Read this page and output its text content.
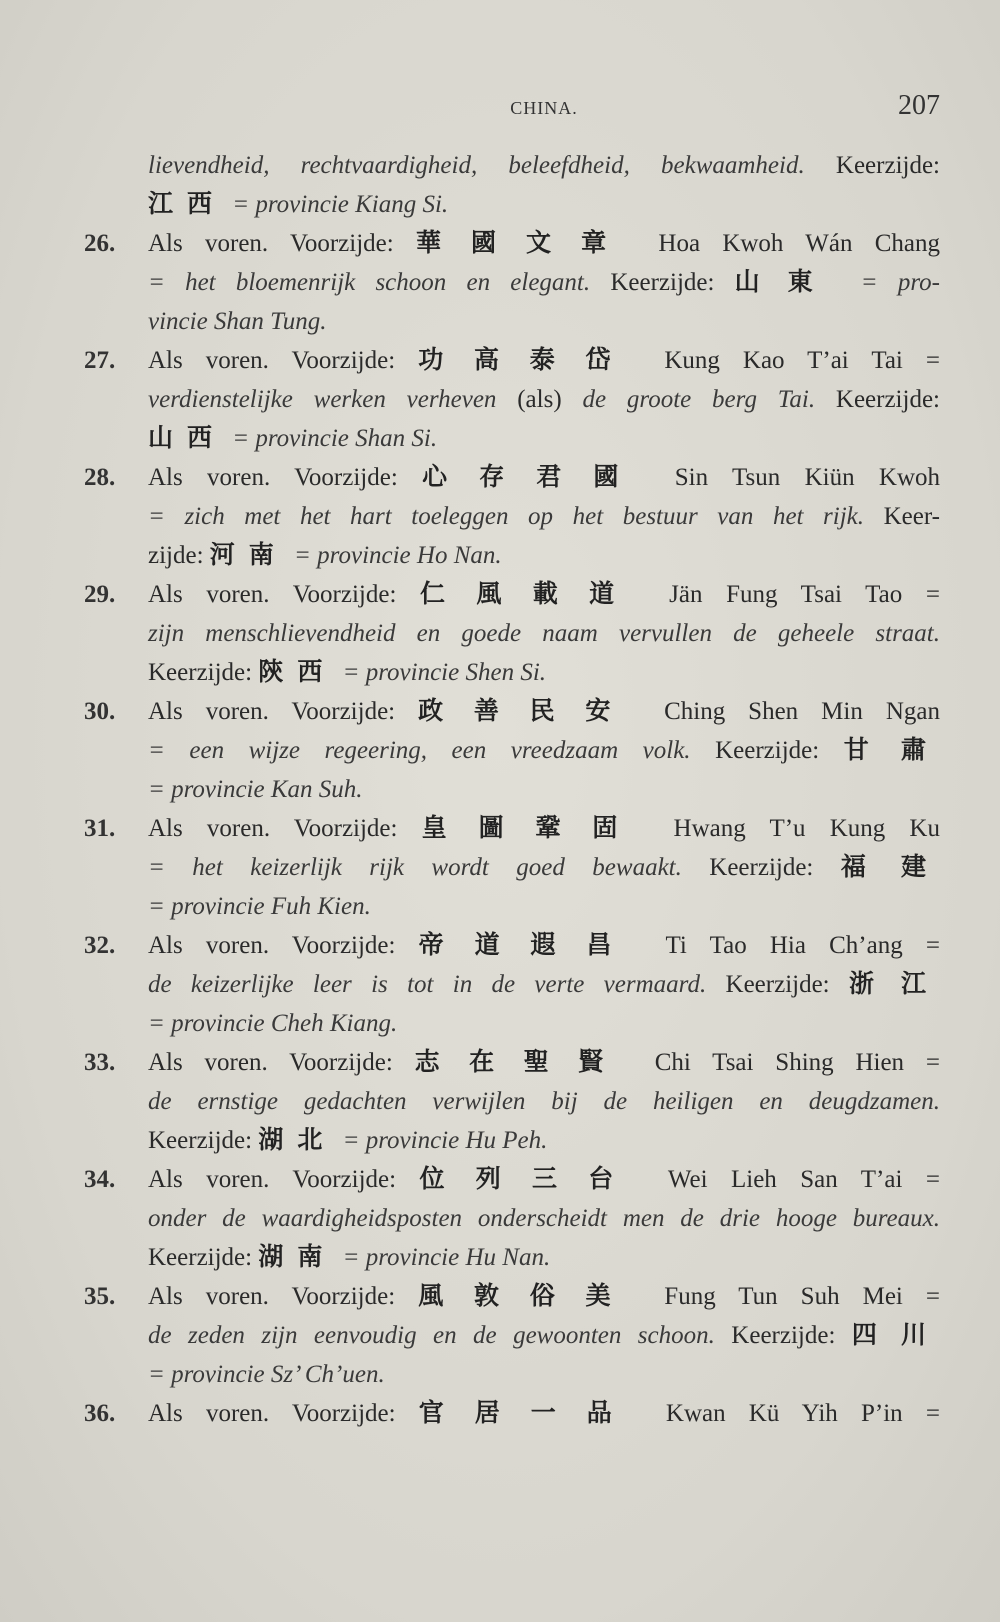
CHINA.	207
lievendheid, rechtvaardigheid, beleefdheid, bekwaamheid. Keerzijde:
江西 = provincie Kiang Si.
26.	Als voren. Voorzijde: 華國文章 Hoa Kwoh Wán Chang
= het bloemenrijk schoon en elegant. Keerzijde: 山東 = pro-
vincie Shan Tung.
27.	Als voren. Voorzijde: 功高泰岱 Kung Kao T’ai Tai =
verdienstelijke werken verheven (als) de groote berg Tai. Keerzijde:
山西 = provincie Shan Si.
28.	Als voren. Voorzijde: 心存君國 Sin Tsun Kiün Kwoh
= zich met het hart toeleggen op het bestuur van het rijk. Keer-
zijde: 河南 = provincie Ho Nan.
29.	Als voren. Voorzijde: 仁風載道 Jän Fung Tsai Tao =
zijn menschlievendheid en goede naam vervullen de geheele straat.
Keerzijde: 陝西 = provincie Shen Si.
30.	Als voren. Voorzijde: 政善民安 Ching Shen Min Ngan
= een wijze regeering, een vreedzaam volk. Keerzijde: 甘肅
= provincie Kan Suh.
31.	Als voren. Voorzijde: 皇圖鞏固 Hwang T’u Kung Ku
= het keizerlijk rijk wordt goed bewaakt. Keerzijde: 福建
= provincie Fuh Kien.
32.	Als voren. Voorzijde: 帝道遐昌 Ti Tao Hia Ch’ang =
de keizerlijke leer is tot in de verte vermaard. Keerzijde: 浙江
= provincie Cheh Kiang.
33.	Als voren. Voorzijde: 志在聖賢 Chi Tsai Shing Hien =
de ernstige gedachten verwijlen bij de heiligen en deugdzamen.
Keerzijde: 湖北 = provincie Hu Peh.
34.	Als voren. Voorzijde: 位列三台 Wei Lieh San T’ai =
onder de waardigheidsposten onderscheidt men de drie hooge bureaux.
Keerzijde: 湖南 = provincie Hu Nan.
35.	Als voren. Voorzijde: 風敦俗美 Fung Tun Suh Mei =
de zeden zijn eenvoudig en de gewoonten schoon. Keerzijde: 四川
= provincie Sz’ Ch’uen.
36.	Als voren. Voorzijde: 官居一品 Kwan Kü Yih P’in =
